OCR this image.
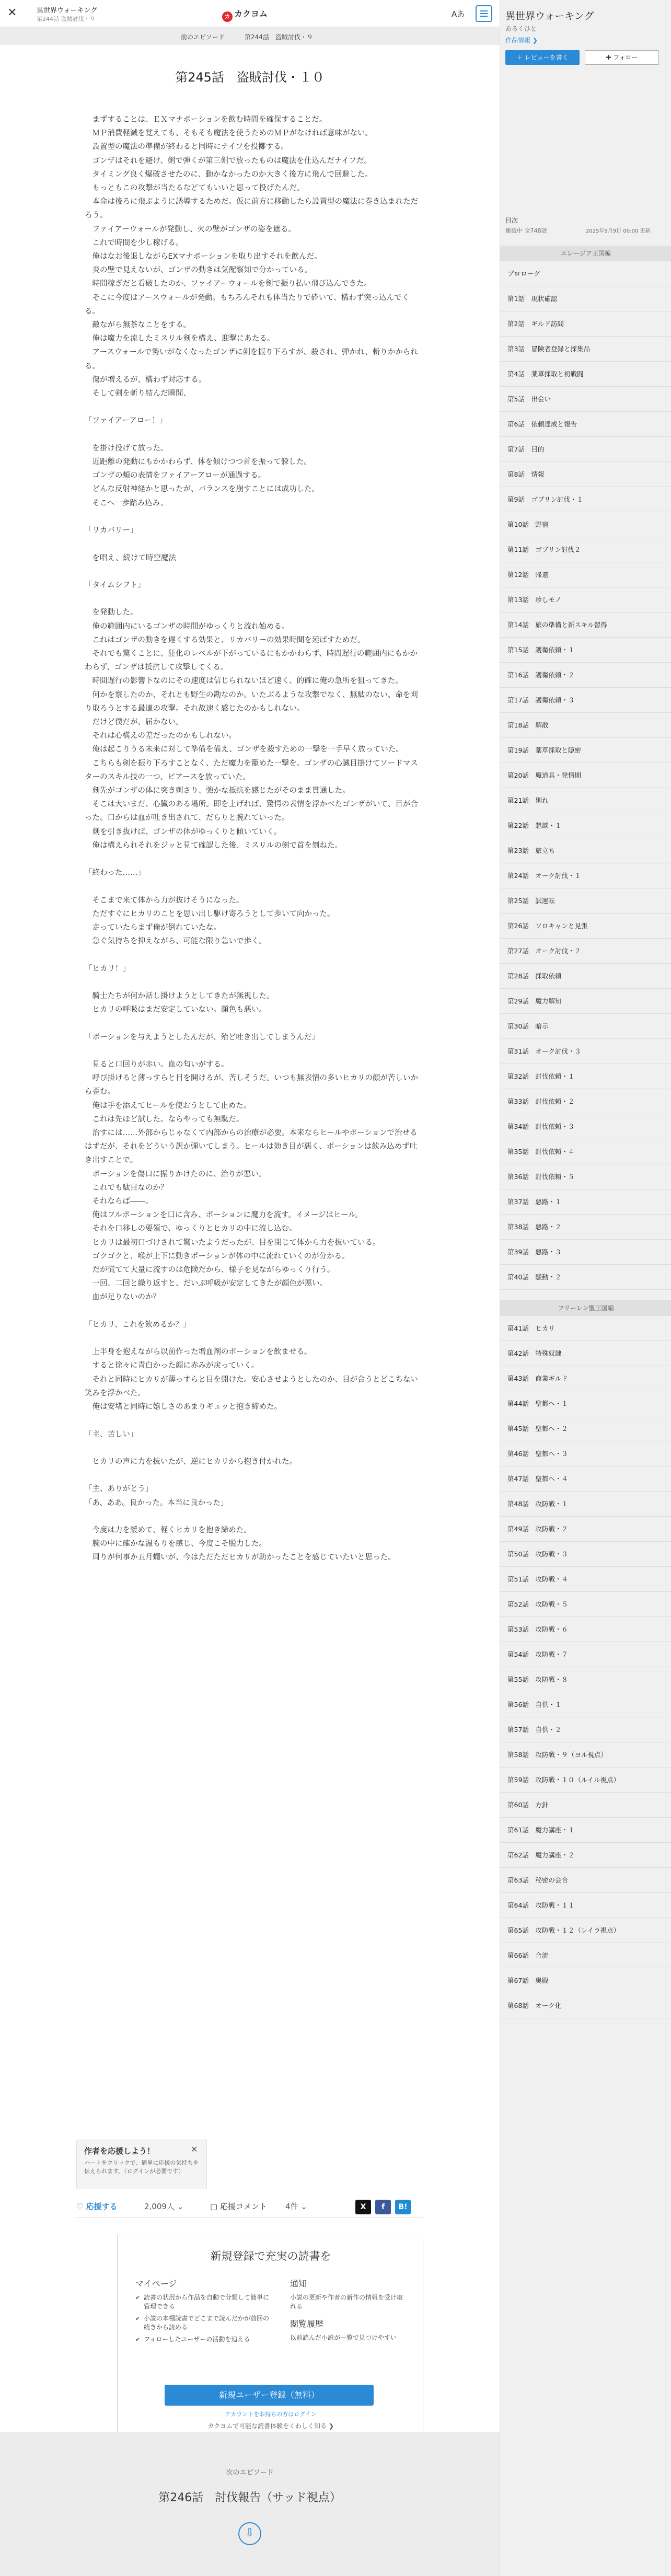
✕	異世界ウォーキング
第244話 盗賊討伐・９	カ カクヨム	Aあ
前のエピソード	第244話　盗賊討伐・９
第245話　盗賊討伐・１０

　まずすることは、ＥＸマナポーションを飲む時間を確保することだ。

　ＭＰ消費軽減を覚えても、そもそも魔法を使うためのＭＰがなければ意味がない。

　設置型の魔法の準備が終わると同時にナイフを投擲する。

　ゴンザはそれを避け、剣で弾くが第三剣で放ったものは魔法を仕込んだナイフだ。

　タイミング良く爆破させたのに、動かなかったのか大きく後方に飛んで回避した。

　もっともこの攻撃が当たるなどてもいいと思って投げたんだ。

　本命は後ろに飛ぶように誘導するためだ。仮に前方に移動したら設置型の魔法に巻き込まれただろう。

　ファイアーウォールが発動し、火の壁がゴンザの姿を遮る。

　これで時間を少し稼げる。

　俺はなお後退しながらEXマナポーションを取り出すそれを飲んだ。

　炎の壁で見えないが、ゴンザの動きは気配察知で分かっている。

　時間稼ぎだと看破したのか、ファイアーウォールを剣で振り払い飛び込んできた。

　そこに今度はアースウォールが発動。もちろんそれも体当たりで砕いて、構わず突っ込んでくる。

　敵ながら無茶なことをする。

　俺は魔力を流したミスリル剣を構え、迎撃にあたる。

　アースウォールで勢いがなくなったゴンザに剣を振り下ろすが、殺され、弾かれ、斬りかかられる。

　傷が増えるが、構わず対応する。

　そして剣を斬り結んだ瞬間、

「ファイアーアロー！」

　を掛け投げて放った。

　近距離の発動にもかかわらず、体を傾けつつ首を振って躱した。

　ゴンザの頬の表情をファイアーアローが通過する。

　どんな反射神経かと思ったが、バランスを崩すことには成功した。

　そこへ一歩踏み込み、

「リカバリー」

　を唱え、続けて時空魔法

「タイムシフト」

　を発動した。

　俺の範囲内にいるゴンザの時間がゆっくりと流れ始める。

　これはゴンザの動きを遅くする効果と、リカバリーの効果時間を延ばすためだ。

　それでも驚くことに、狂化のレベルが下がっているにもかかわらず、時間遅行の範囲内にもかかわらず、ゴンザは抵抗して攻撃してくる。

　時間遅行の影響下なのにその速度は信じられないほど速く、的確に俺の急所を狙ってきた。

　何かを察したのか、それとも野生の勘なのか。いたぶるような攻撃でなく、無駄のない、命を刈り取ろうとする最適の攻撃。それ故速く感じたのかもしれない。

　だけど僕だが、届かない。

　それは心構えの差だったのかもしれない。

　俺は起こりうる未来に対して準備を備え、ゴンザを殺すための一撃を一手早く放っていた。

　こちらも剣を振り下ろすことなく、ただ魔力を籠めた一撃を。ゴンザの心臓目掛けてソードマスターのスキル技の一つ、ピアースを放っていた。

　剣先がゴンザの体に突き刺さり、強かな抵抗を感じたがそのまま貫通した。

　そこは大いまだ、心臓のある場所。即を上げれば、驚愕の表情を浮かべたゴンザがいて、目が合った。口からは血が吐き出されて、だらりと腕れていった。

　剣を引き抜けば、ゴンザの体がゆっくりと傾いていく。

　俺は構えられそれをジッと見て確認した後、ミスリルの剣で首を刎ねた。

「終わった……」

　そこまで来て体から力が抜けそうになった。

　ただすぐにヒカリのことを思い出し駆け寄ろうとして歩いて向かった。

　走っていたらまず俺が倒れていたな。

　急ぐ気持ちを抑えながら、可能な限り急いで歩く。

「ヒカリ！」

　騎士たちが何か話し掛けようとしてきたが無視した。

　ヒカリの呼吸はまだ安定していない。顔色も悪い。

「ポーションを与えようとしたんだが、殆ど吐き出してしまうんだ」

　見ると口回りが赤い。血の匂いがする。

　呼び掛けると薄っすらと目を開けるが、苦しそうだ。いつも無表情の多いヒカリの顔が苦しいから歪む。

　俺は手を添えてヒールを使おうとして止めた。

　これは先ほど試した。ならやっても無駄だ。

　治すには……外部からじゃなくて内部からの治療が必要。本来ならヒールやポーションで治せるはずだが、それをどういう訳か弾いてしまう。ヒールは効き目が悪く、ポーションは飲み込めず吐き出すことで。

　ポーションを傷口に振りかけたのに、治りが悪い。

　これでも駄目なのか？

　それならば――。

　俺はフルポーションを口に含み、ポーションに魔力を流す。イメージはヒール。

　それを口移しの要領で、ゆっくりとヒカリの中に流し込む。

　ヒカリは最初口づけされて驚いたようだったが、目を閉じて体から力を抜いている。

　ゴクゴクと、喉が上下に動きポーションが体の中に流れていくのが分かる。

　だが慌てて大量に流すのは危険だから、様子を見ながらゆっくり行う。

　一回、二回と繰り返すと、だいぶ呼吸が安定してきたが顔色が悪い。

　血が足りないのか？

「ヒカリ、これを飲めるか？」

　上半身を抱えながら以前作った増血剤のポーションを飲ませる。

　すると徐々に青白かった顔に赤みが戻っていく。

　それと同時にヒカリが薄っすらと目を開けた。安心させようとしたのか、目が合うとどこちない笑みを浮かべた。

　俺は安堵と同時に嬉しさのあまりギュッと抱き締めた。

「主、苦しい」

　ヒカリの声に力を抜いたが、逆にヒカリから抱き付かれた。

「主、ありがとう」

「あ、ああ。良かった。本当に良かった」

　今度は力を緩めて、軽くヒカリを抱き締めた。

　腕の中に確かな温もりを感じ、今度こそ脱力した。

　周りが何事か五月蠅いが、今はただただヒカリが助かったことを感じていたいと思った。

作者を応援しよう！	✕
ハートをクリックで、簡単に応援の気持ちを伝えられます。（ログインが必要です）
♡ 応援する	2,009人 ⌄	▢ 応援コメント 4件 ⌄	X	f	B!
新規登録で充実の読書を
マイページ
✔ 読書の状況から作品を自動で分類して簡単に管理できる
✔ 小説の本棚読書でどこまで読んだかが前回の続きから読める
✔ フォローしたユーザーの活動を追える
通知

小説の更新や作者の新作の情報を受け取れる

閲覧履歴

以前読んだ小説が一覧で見つけやすい

新規ユーザー登録（無料）
アカウントをお持ちの方はログイン
カクヨムで可能な読書体験をくわしく知る ❯
次のエピソード
第246話　討伐報告（サッド視点）
⇩
異世界ウォーキング
あるくひと
作品情報 ❯
＋ レビューを書く	✚ フォロー
目次
連載中 全748話	2025年9月9日 00:00 更新
エレージア王国編
プロローグ
第1話　現状確認
第2話　ギルド訪問
第3話　冒険者登録と採集品
第4話　薬草採取と初戦闘
第5話　出会い
第6話　依頼達成と報告
第7話　目的
第8話　情報
第9話　ゴブリン討伐・１
第10話　野宿
第11話　ゴブリン討伐２
第12話　帰還
第13話　珍しモノ
第14話　旅の準備と新スキル習得
第15話　護衛依頼・１
第16話　護衛依頼・２
第17話　護衛依頼・３
第18話　解散
第19話　薬草採取と隠密
第20話　魔道具・発情期
第21話　別れ
第22話　懇談・１
第23話　旅立ち
第24話　オーク討伐・１
第25話　試運転
第26話　ソロキャンと見張
第27話　オーク討伐・２
第28話　採取依頼
第29話　魔力解知
第30話　暗示
第31話　オーク討伐・３
第32話　討伐依頼・１
第33話　討伐依頼・２
第34話　討伐依頼・３
第35話　討伐依頼・４
第36話　討伐依頼・５
第37話　悪路・１
第38話　悪路・２
第39話　悪路・３
第40話　騒動・２
フリーレン聖王国編
第41話　ヒカリ
第42話　特殊奴隷
第43話　商業ギルド
第44話　聖都へ・１
第45話　聖都へ・２
第46話　聖都へ・３
第47話　聖都へ・４
第48話　攻防戦・１
第49話　攻防戦・２
第50話　攻防戦・３
第51話　攻防戦・４
第52話　攻防戦・５
第53話　攻防戦・６
第54話　攻防戦・７
第55話　攻防戦・８
第56話　自供・１
第57話　自供・２
第58話　攻防戦・９（ヨル視点）
第59話　攻防戦・１０（ルイル視点）
第60話　方針
第61話　魔力講座・１
第62話　魔力講座・２
第63話　秘密の会合
第64話　攻防戦・１１
第65話　攻防戦・１２（レイラ視点）
第66話　合流
第67話　奥殿
第68話　オーク化
